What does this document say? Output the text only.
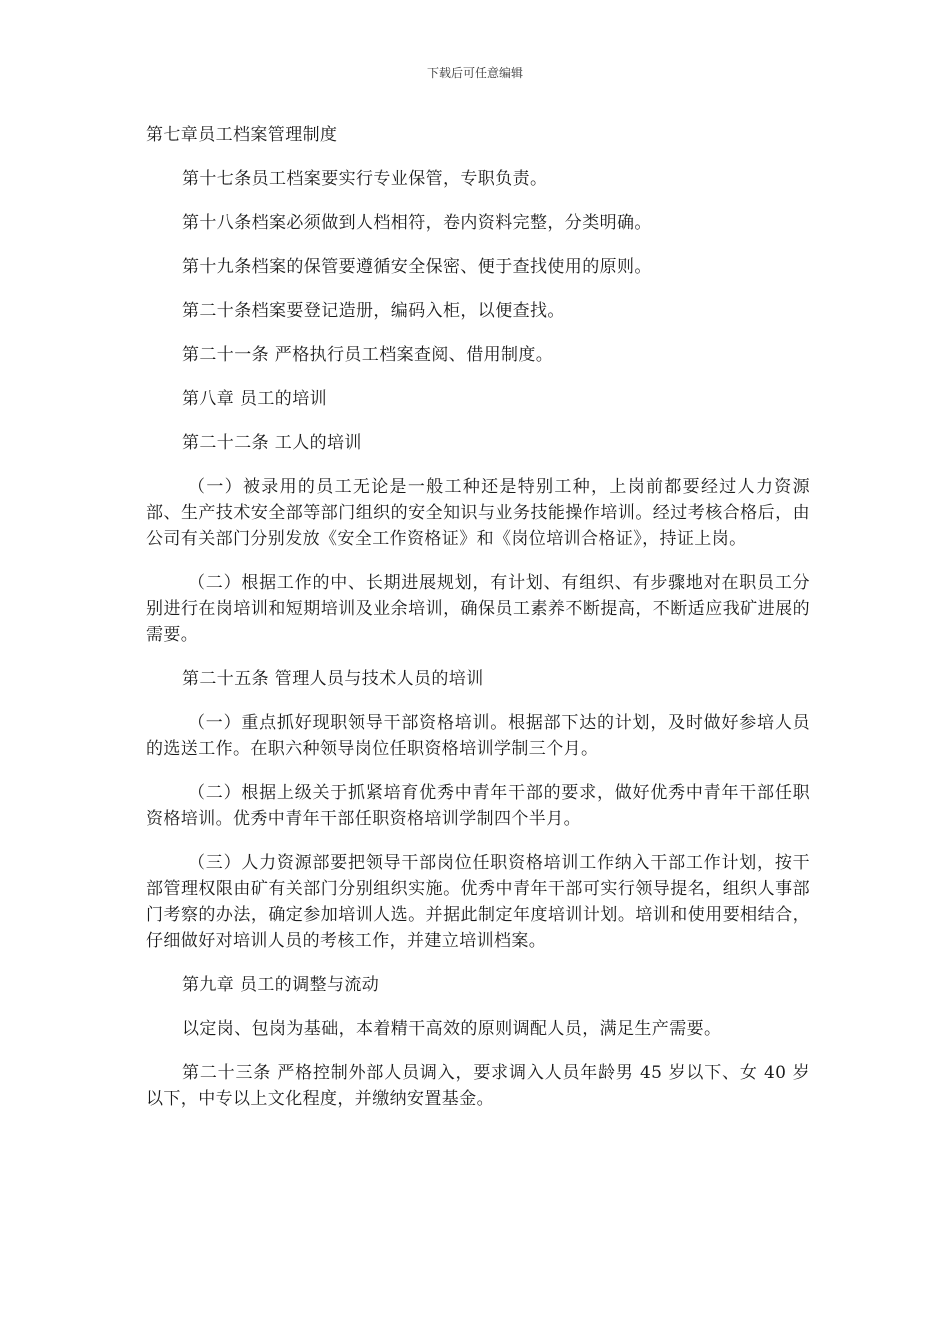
下载后可任意编辑

第七章员工档案管理制度

第十七条员工档案要实行专业保管，专职负责。

第十八条档案必须做到人档相符，卷内资料完整，分类明确。

第十九条档案的保管要遵循安全保密、便于查找使用的原则。

第二十条档案要登记造册，编码入柜，以便查找。

第二十一条 严格执行员工档案查阅、借用制度。

第八章 员工的培训

第二十二条 工人的培训

（一）被录用的员工无论是一般工种还是特别工种，上岗前都要经过人力资源部、生产技术安全部等部门组织的安全知识与业务技能操作培训。经过考核合格后，由公司有关部门分别发放《安全工作资格证》和《岗位培训合格证》，持证上岗。

（二）根据工作的中、长期进展规划，有计划、有组织、有步骤地对在职员工分别进行在岗培训和短期培训及业余培训，确保员工素养不断提高，不断适应我矿进展的需要。

第二十五条 管理人员与技术人员的培训

（一）重点抓好现职领导干部资格培训。根据部下达的计划，及时做好参培人员的选送工作。在职六种领导岗位任职资格培训学制三个月。

（二）根据上级关于抓紧培育优秀中青年干部的要求，做好优秀中青年干部任职资格培训。优秀中青年干部任职资格培训学制四个半月。

（三）人力资源部要把领导干部岗位任职资格培训工作纳入干部工作计划，按干部管理权限由矿有关部门分别组织实施。优秀中青年干部可实行领导提名，组织人事部门考察的办法，确定参加培训人选。并据此制定年度培训计划。培训和使用要相结合，仔细做好对培训人员的考核工作，并建立培训档案。

第九章 员工的调整与流动

以定岗、包岗为基础，本着精干高效的原则调配人员，满足生产需要。

第二十三条 严格控制外部人员调入，要求调入人员年龄男 45 岁以下、女 40 岁以下，中专以上文化程度，并缴纳安置基金。
